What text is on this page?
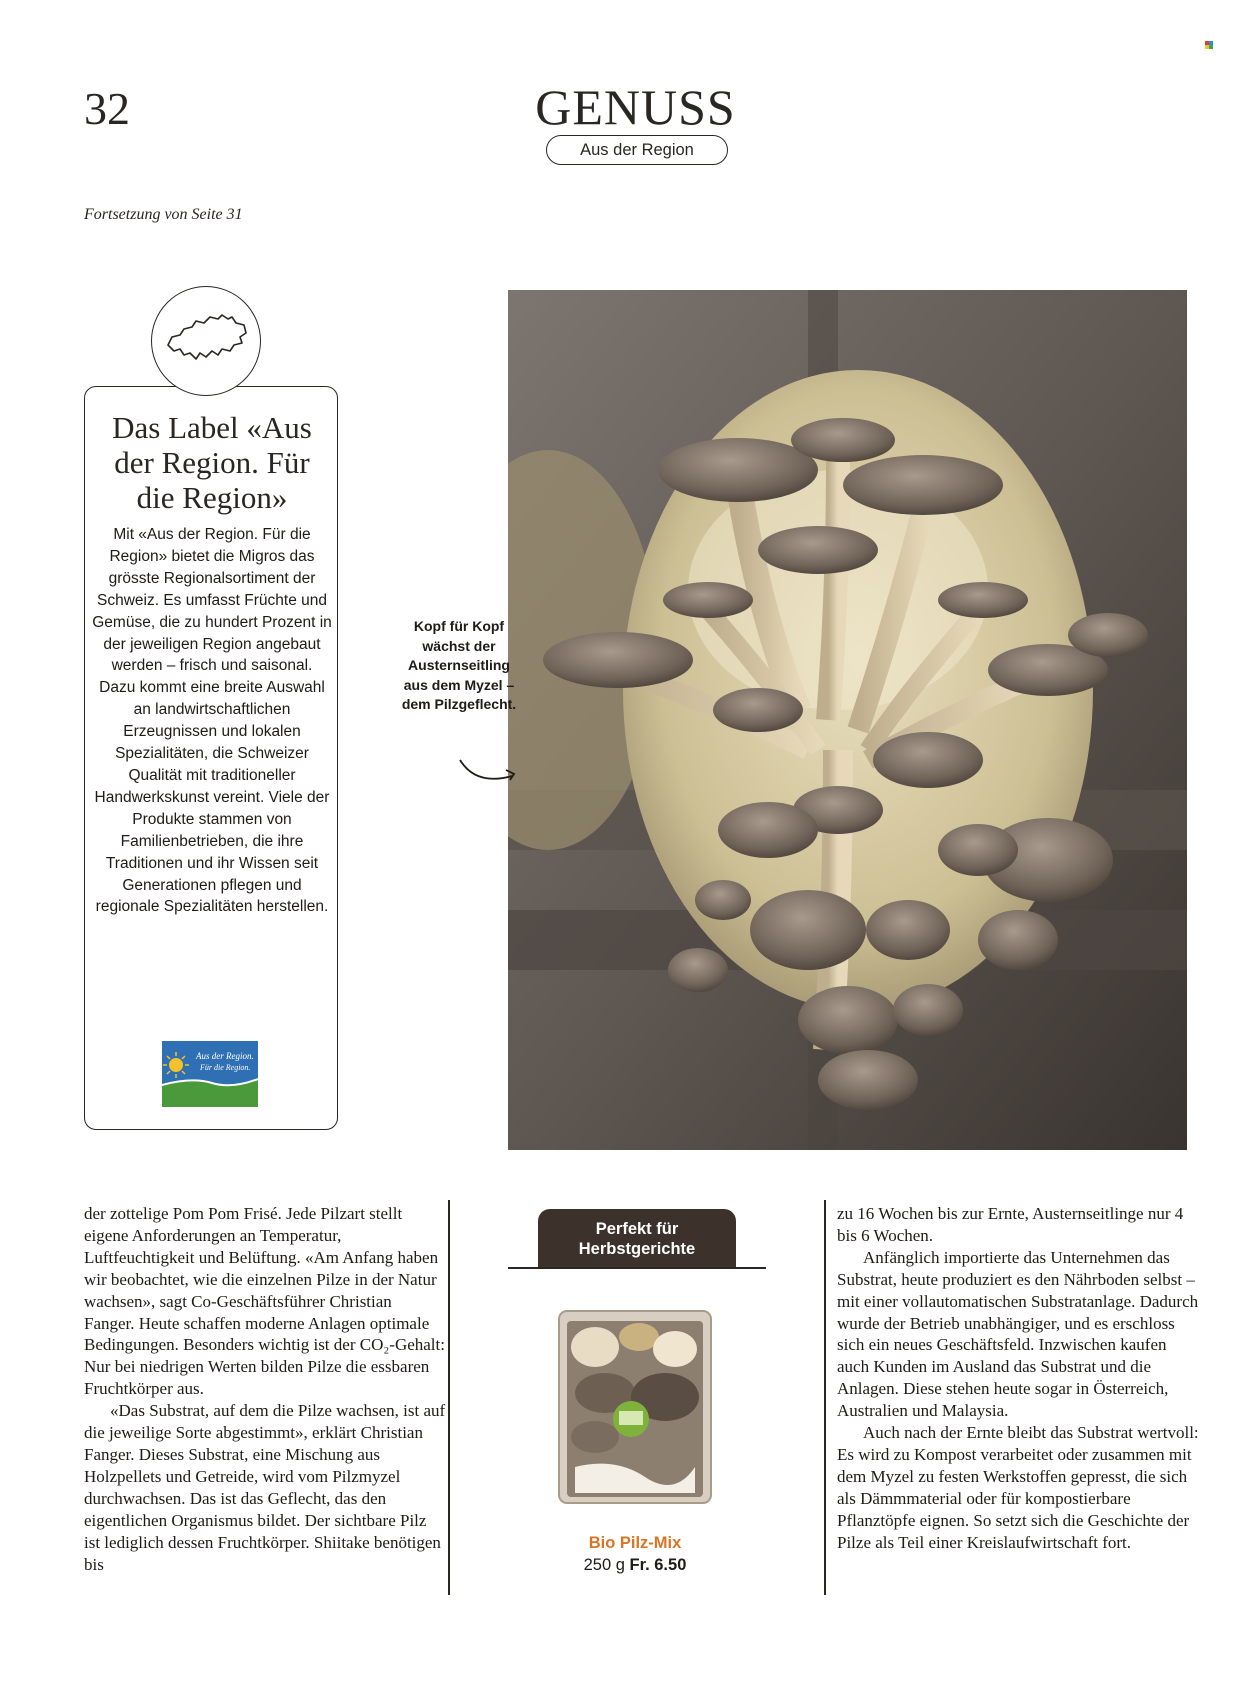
32	GENUSS
Aus der Region
Fortsetzung von Seite 31
Das Label «Aus der Region. Für die Region»
Mit «Aus der Region. Für die Region» bietet die Migros das grösste Regionalsortiment der Schweiz. Es umfasst Früchte und Gemüse, die zu hundert Prozent in der jeweiligen Region angebaut werden – frisch und saisonal. Dazu kommt eine breite Auswahl an landwirtschaftlichen Erzeugnissen und lokalen Spezialitäten, die Schweizer Qualität mit traditioneller Handwerkskunst vereint. Viele der Produkte stammen von Familienbetrieben, die ihre Traditionen und ihr Wissen seit Generationen pflegen und regionale Spezialitäten herstellen.
Aus der Region.
Für die Region.
Kopf für Kopf wächst der Austernseitling aus dem Myzel – dem Pilzgeflecht.

der zottelige Pom Pom Frisé. Jede Pilzart stellt eigene Anforderungen an Temperatur, Luftfeuchtigkeit und Belüftung. «Am Anfang haben wir beobachtet, wie die einzelnen Pilze in der Natur wachsen», sagt Co-Geschäftsführer Christian Fanger. Heute schaffen moderne Anlagen optimale Bedingungen. Besonders wichtig ist der CO₂-Gehalt: Nur bei niedrigen Werten bilden Pilze die essbaren Fruchtkörper aus.

«Das Substrat, auf dem die Pilze wachsen, ist auf die jeweilige Sorte abgestimmt», erklärt Christian Fanger. Dieses Substrat, eine Mischung aus Holzpellets und Getreide, wird vom Pilzmyzel durchwachsen. Das ist das Geflecht, das den eigentlichen Organismus bildet. Der sichtbare Pilz ist lediglich dessen Fruchtkörper. Shiitake benötigen bis

zu 16 Wochen bis zur Ernte, Austernseitlinge nur 4 bis 6 Wochen.

Anfänglich importierte das Unternehmen das Substrat, heute produziert es den Nährboden selbst – mit einer vollautomatischen Substratanlage. Dadurch wurde der Betrieb unabhängiger, und es erschloss sich ein neues Geschäftsfeld. Inzwischen kaufen auch Kunden im Ausland das Substrat und die Anlagen. Diese stehen heute sogar in Österreich, Australien und Malaysia.

Auch nach der Ernte bleibt das Substrat wertvoll: Es wird zu Kompost verarbeitet oder zusammen mit dem Myzel zu festen Werkstoffen gepresst, die sich als Dämmmaterial oder für kompostierbare Pflanztöpfe eignen. So setzt sich die Geschichte der Pilze als Teil einer Kreislaufwirtschaft fort.

Perfekt für
Herbstgerichte
Bio Pilz-Mix
250 g Fr. 6.50
